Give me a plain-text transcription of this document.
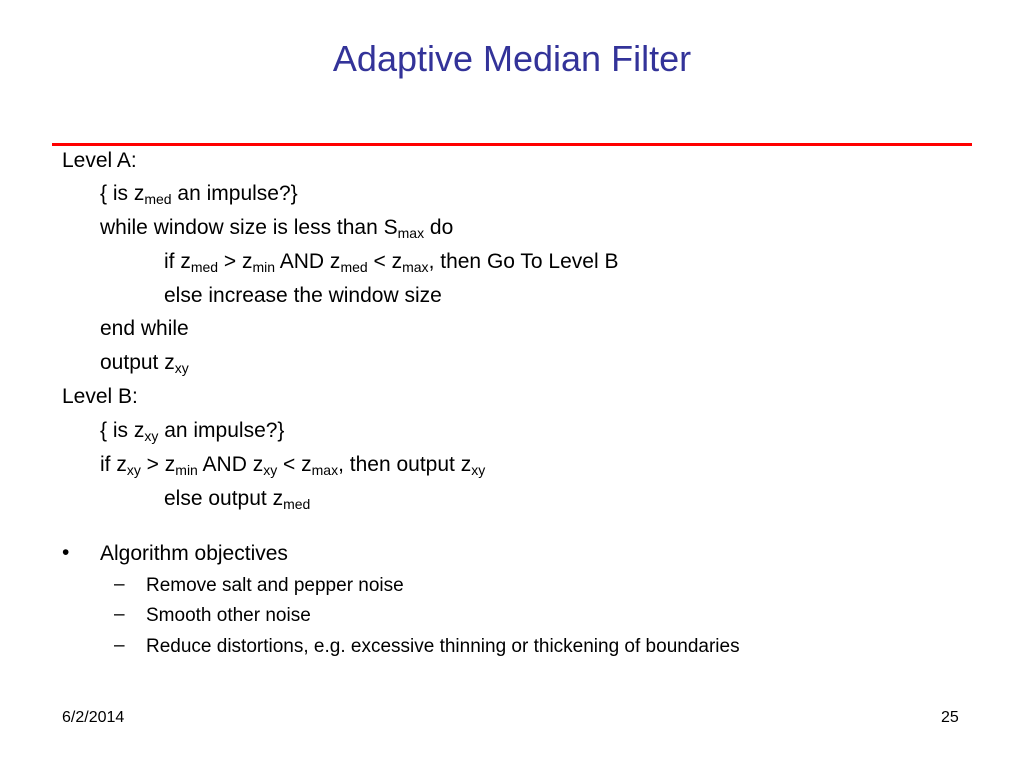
Adaptive Median Filter
Level A:
{ is $z_{med}$ an impulse?}
while window size is less than $S_{max}$ do
if $z_{med} > z_{min}$ AND $z_{med} < z_{max}$, then Go To Level B
else increase the window size
end while
output $z_{xy}$
Level B:
{ is $z_{xy}$ an impulse?}
if $z_{xy} > z_{min}$ AND $z_{xy} < z_{max}$, then output $z_{xy}$
else output $z_{med}$
• Algorithm objectives
– Remove salt and pepper noise
– Smooth other noise
– Reduce distortions, e.g. excessive thinning or thickening of boundaries
6/2/2014	25
